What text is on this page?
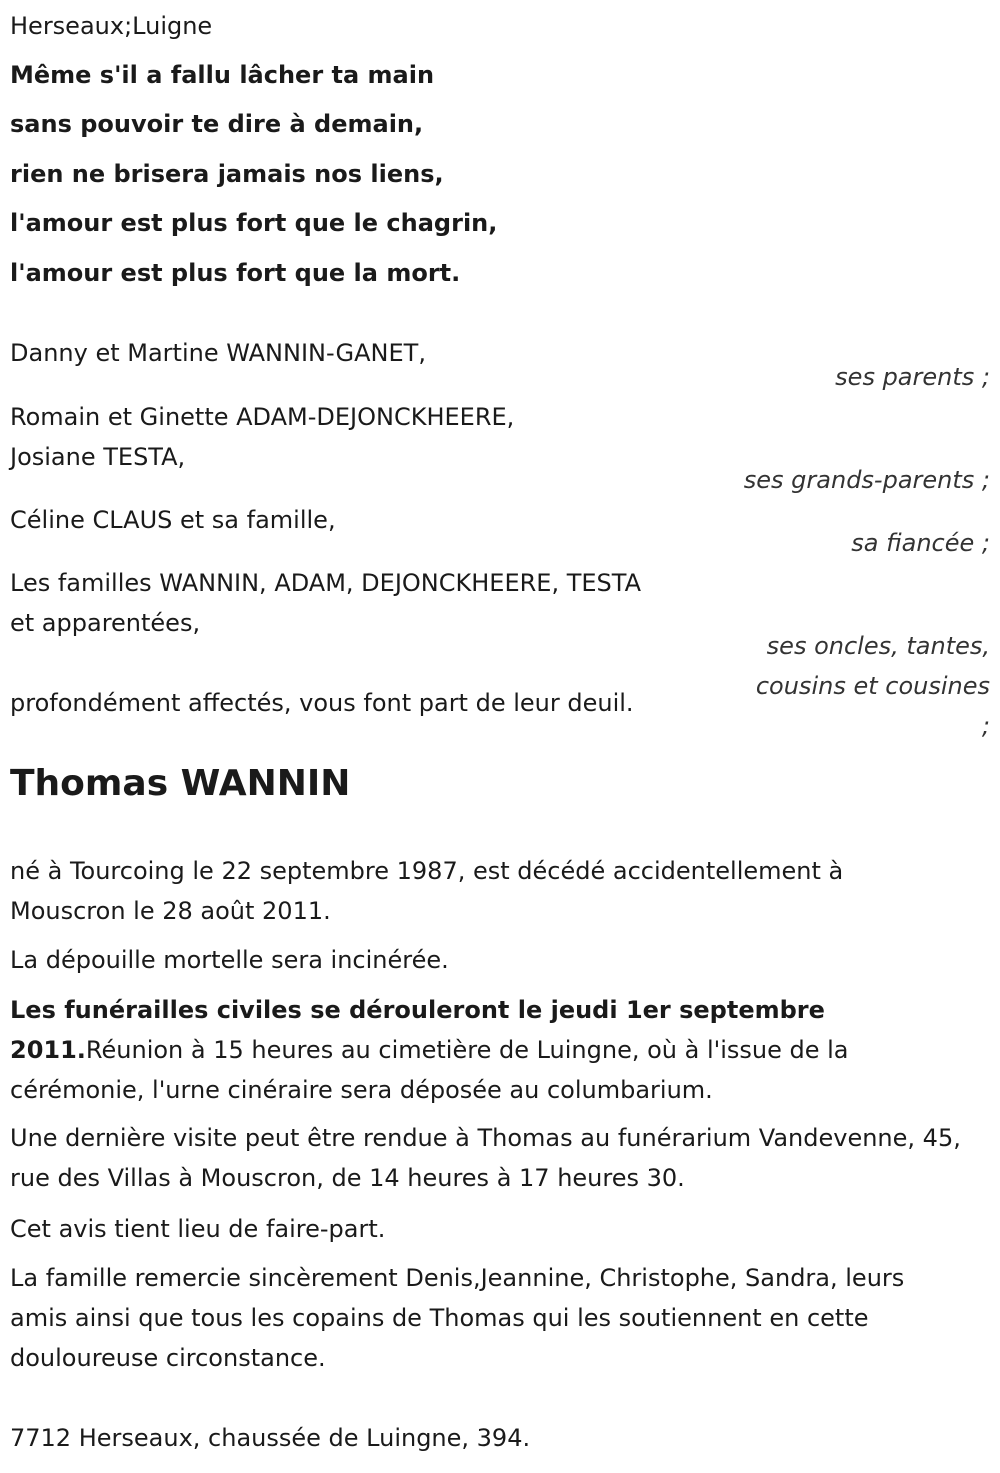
Herseaux;Luigne
Même s'il a fallu lâcher ta main
sans pouvoir te dire à demain,
rien ne brisera jamais nos liens,
l'amour est plus fort que le chagrin,
l'amour est plus fort que la mort.
Danny et Martine WANNIN-GANET,
ses parents ;
Romain et Ginette ADAM-DEJONCKHEERE,
Josiane TESTA,
ses grands-parents ;
Céline CLAUS et sa famille,
sa fiancée ;
Les familles WANNIN, ADAM, DEJONCKHEERE, TESTA
et apparentées,
ses oncles, tantes,
cousins et cousines
;
profondément affectés, vous font part de leur deuil.
Thomas WANNIN
né à Tourcoing le 22 septembre 1987, est décédé accidentellement à Mouscron le 28 août 2011.
La dépouille mortelle sera incinérée.
Les funérailles civiles se dérouleront le jeudi 1er septembre 2011.Réunion à 15 heures au cimetière de Luingne, où à l'issue de la cérémonie, l'urne cinéraire sera déposée au columbarium.
Une dernière visite peut être rendue à Thomas au funérarium Vandevenne, 45, rue des Villas à Mouscron, de 14 heures à 17 heures 30.
Cet avis tient lieu de faire-part.
La famille remercie sincèrement Denis,Jeannine, Christophe, Sandra, leurs amis ainsi que tous les copains de Thomas qui les soutiennent en cette douloureuse circonstance.
7712 Herseaux, chaussée de Luingne, 394.
